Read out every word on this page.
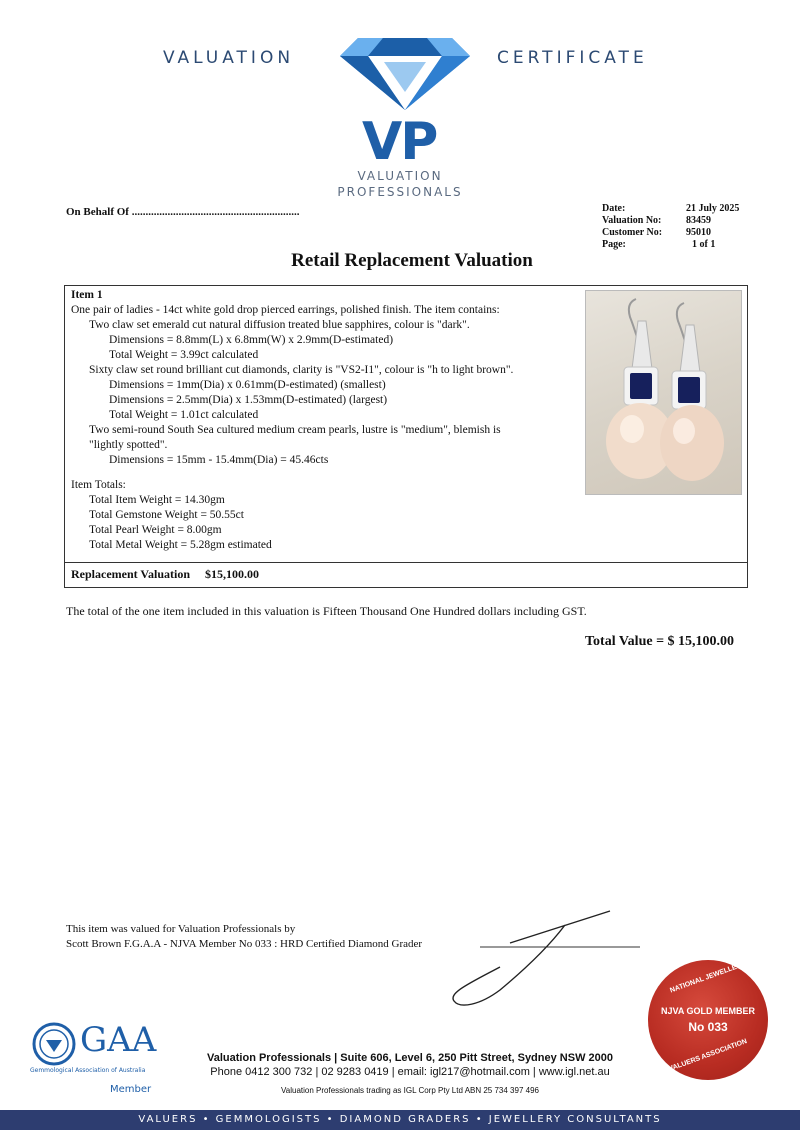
VALUATION	CERTIFICATE
VP
VALUATION
PROFESSIONALS
On Behalf Of .............................................................	Date:	21 July 2025
Valuation No:	83459
Customer No:	95010
Page:	1 of 1
Retail Replacement Valuation
Item 1
One pair of ladies - 14ct white gold drop pierced earrings, polished finish. The item contains:
Two claw set emerald cut natural diffusion treated blue sapphires, colour is "dark".
Dimensions = 8.8mm(L) x 6.8mm(W) x 2.9mm(D-estimated)
Total Weight = 3.99ct calculated
Sixty claw set round brilliant cut diamonds, clarity is "VS2-I1", colour is "h to light brown".
Dimensions = 1mm(Dia) x 0.61mm(D-estimated) (smallest)
Dimensions = 2.5mm(Dia) x 1.53mm(D-estimated) (largest)
Total Weight = 1.01ct calculated
Two semi-round South Sea cultured medium cream pearls, lustre is "medium", blemish is
"lightly spotted".
Dimensions = 15mm - 15.4mm(Dia) = 45.46cts
Item Totals:
Total Item Weight = 14.30gm
Total Gemstone Weight = 50.55ct
Total Pearl Weight = 8.00gm
Total Metal Weight = 5.28gm estimated
Replacement Valuation $15,100.00
The total of the one item included in this valuation is Fifteen Thousand One Hundred dollars including GST.
Total Value = $ 15,100.00
This item was valued for Valuation Professionals by
Scott Brown F.G.A.A - NJVA Member No 033 : HRD Certified Diamond Grader
GAA
Gemmological Association of Australia
Member
Valuation Professionals | Suite 606, Level 6, 250 Pitt Street, Sydney NSW 2000
Phone 0412 300 732 | 02 9283 0419 | email: igl217@hotmail.com | www.igl.net.au
Valuation Professionals trading as IGL Corp Pty Ltd ABN 25 734 397 496
NATIONAL JEWELLERY
NJVA GOLD MEMBER
No 033
VALUERS ASSOCIATION
VALUERS • GEMMOLOGISTS • DIAMOND GRADERS • JEWELLERY CONSULTANTS
